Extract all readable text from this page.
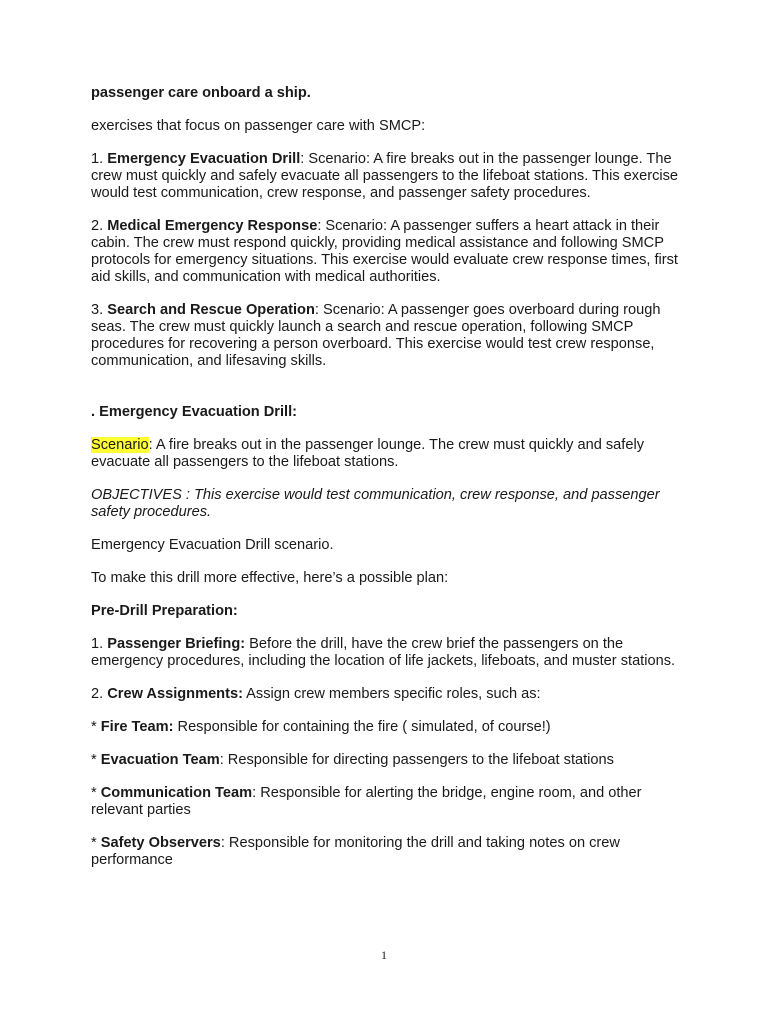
passenger care onboard a ship.

exercises that focus on passenger care with SMCP:

1. Emergency Evacuation Drill: Scenario: A fire breaks out in the passenger lounge. The crew must quickly and safely evacuate all passengers to the lifeboat stations. This exercise would test communication, crew response, and passenger safety procedures.

2. Medical Emergency Response: Scenario: A passenger suffers a heart attack in their cabin. The crew must respond quickly, providing medical assistance and following SMCP protocols for emergency situations. This exercise would evaluate crew response times, first aid skills, and communication with medical authorities.

3. Search and Rescue Operation: Scenario: A passenger goes overboard during rough seas. The crew must quickly launch a search and rescue operation, following SMCP procedures for recovering a person overboard. This exercise would test crew response, communication, and lifesaving skills.

. Emergency Evacuation Drill:

Scenario: A fire breaks out in the passenger lounge. The crew must quickly and safely evacuate all passengers to the lifeboat stations.

OBJECTIVES : This exercise would test communication, crew response, and passenger safety procedures.

Emergency Evacuation Drill scenario.

To make this drill more effective, here’s a possible plan:

Pre-Drill Preparation:

1. Passenger Briefing: Before the drill, have the crew brief the passengers on the emergency procedures, including the location of life jackets, lifeboats, and muster stations.

2. Crew Assignments: Assign crew members specific roles, such as:

* Fire Team: Responsible for containing the fire ( simulated, of course!)

* Evacuation Team: Responsible for directing passengers to the lifeboat stations

* Communication Team: Responsible for alerting the bridge, engine room, and other relevant parties

* Safety Observers: Responsible for monitoring the drill and taking notes on crew performance

1
